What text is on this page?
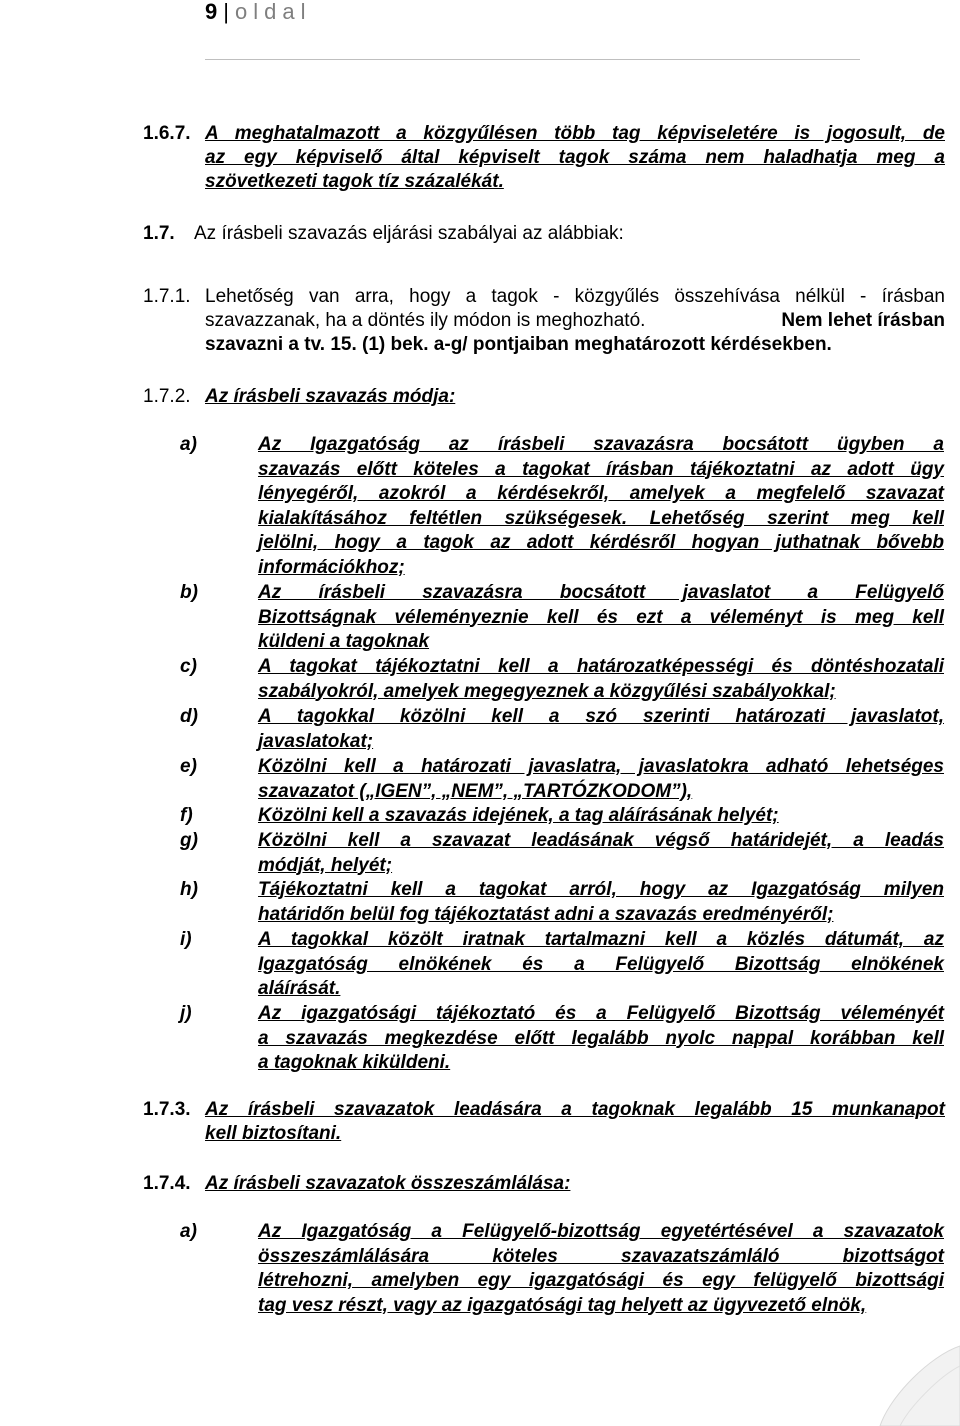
9 | oldal
1.6.7. A meghatalmazott a közgyűlésen több tag képviseletére is jogosult, de
az egy képviselő által képviselt tagok száma nem haladhatja meg a
szövetkezeti tagok tíz százalékát.
1.7. Az írásbeli szavazás eljárási szabályai az alábbiak:
1.7.1. Lehetőség van arra, hogy a tagok - közgyűlés összehívása nélkül - írásban
szavazzanak, ha a döntés ily módon is meghozható.	Nem lehet írásban
szavazni a tv. 15. (1) bek. a-g/ pontjaiban meghatározott kérdésekben.
1.7.2. Az írásbeli szavazás módja:
a)	Az Igazgatóság az írásbeli szavazásra bocsátott ügyben a
szavazás előtt köteles a tagokat írásban tájékoztatni az adott ügy
lényegéről, azokról a kérdésekről, amelyek a megfelelő szavazat
kialakításához feltétlen szükségesek. Lehetőség szerint meg kell
jelölni, hogy a tagok az adott kérdésről hogyan juthatnak bővebb
információkhoz;
b)	Az írásbeli szavazásra bocsátott javaslatot a Felügyelő
Bizottságnak véleményeznie kell és ezt a véleményt is meg kell
küldeni a tagoknak
c)	A tagokat tájékoztatni kell a határozatképességi és döntéshozatali
szabályokról, amelyek megegyeznek a közgyűlési szabályokkal;
d)	A tagokkal közölni kell a szó szerinti határozati javaslatot,
javaslatokat;
e)	Közölni kell a határozati javaslatra, javaslatokra adható lehetséges
szavazatot („IGEN”, „NEM”, „TARTÓZKODOM”),
f)	Közölni kell a szavazás idejének, a tag aláírásának helyét;
g)	Közölni kell a szavazat leadásának végső határidejét, a leadás
módját, helyét;
h)	Tájékoztatni kell a tagokat arról, hogy az Igazgatóság milyen
határidőn belül fog tájékoztatást adni a szavazás eredményéről;
i)	A tagokkal közölt iratnak tartalmazni kell a közlés dátumát, az
Igazgatóság elnökének és a Felügyelő Bizottság elnökének
aláírását.
j)	Az igazgatósági tájékoztató és a Felügyelő Bizottság véleményét
a szavazás megkezdése előtt legalább nyolc nappal korábban kell
a tagoknak kiküldeni.
1.7.3. Az írásbeli szavazatok leadására a tagoknak legalább 15 munkanapot
kell biztosítani.
1.7.4. Az írásbeli szavazatok összeszámlálása:
a)	Az Igazgatóság a Felügyelő-bizottság egyetértésével a szavazatok
összeszámlálására köteles szavazatszámláló bizottságot
létrehozni, amelyben egy igazgatósági és egy felügyelő bizottsági
tag vesz részt, vagy az igazgatósági tag helyett az ügyvezető elnök,
